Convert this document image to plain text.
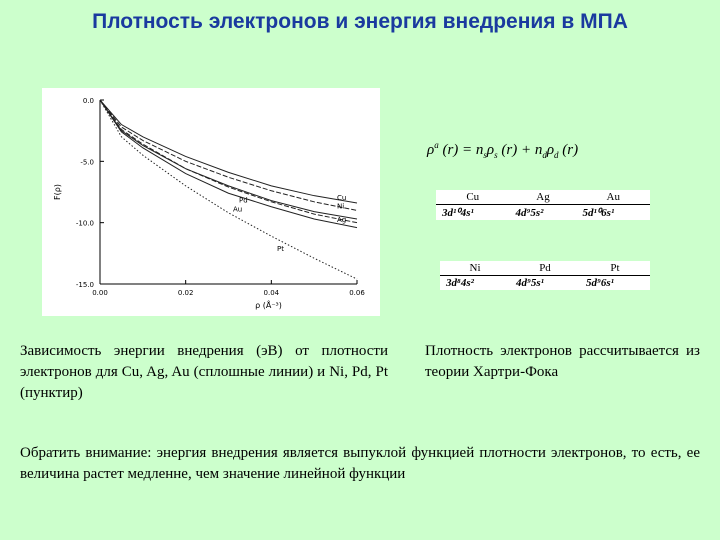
Плотность электронов и энергия внедрения в МПА
0.0
-5.0
-10.0
-15.0
0.00	0.02	0.04	0.06
F(ρ)
ρ (Å⁻³)
Cu
Ni
Pd
Au
Ag
Pt
$\rho^a$ $(r) = n_s\rho_s$ $(r) + n_d\rho_d$ (r)
Cu	Ag	Au
3d¹⁰4s¹	4d⁹5s²	5d¹⁰6s¹
Ni	Pd	Pt
3d⁸4s²	4d⁹5s¹	5d⁹6s¹
Зависимость энергии внедрения (эВ) от плотности электронов для Cu, Ag, Au (сплошные линии) и Ni, Pd, Pt (пунктир)
Плотность электронов рассчитывается из теории Хартри-Фока
Обратить внимание: энергия внедрения является выпуклой функцией плотности электронов, то есть, ее величина растет медленне, чем значение линейной функции
